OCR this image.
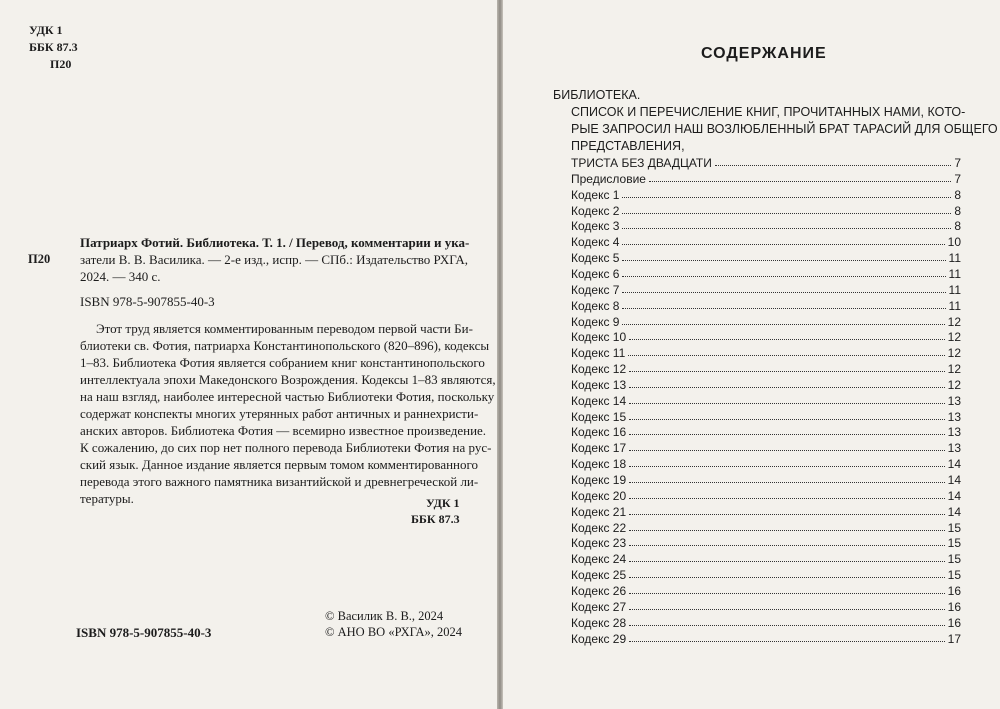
УДК 1
ББК 87.3
П20
П20
Патриарх Фотий. Библиотека. Т. 1. / Перевод, комментарии и ука-
затели В. В. Василика. — 2-е изд., испр. — СПб.: Издательство РХГА,
2024. — 340 с.
ISBN 978-5-907855-40-3
Этот труд является комментированным переводом первой части Би-
блиотеки св. Фотия, патриарха Константинопольского (820–896), кодексы
1–83. Библиотека Фотия является собранием книг константинопольского
интеллектуала эпохи Македонского Возрождения. Кодексы 1–83 являются,
на наш взгляд, наиболее интересной частью Библиотеки Фотия, поскольку
содержат конспекты многих утерянных работ античных и раннехристи-
анских авторов. Библиотека Фотия — всемирно известное произведение.
К сожалению, до сих пор нет полного перевода Библиотеки Фотия на рус-
ский язык. Данное издание является первым томом комментированного
перевода этого важного памятника византийской и древнегреческой ли-
тературы.	УДК 1
ББК 87.3
ISBN 978-5-907855-40-3
© Василик В. В., 2024
© АНО ВО «РХГА», 2024
СОДЕРЖАНИЕ
БИБЛИОТЕКА.
СПИСОК И ПЕРЕЧИСЛЕНИЕ КНИГ, ПРОЧИТАННЫХ НАМИ, КОТО-
РЫЕ ЗАПРОСИЛ НАШ ВОЗЛЮБЛЕННЫЙ БРАТ ТАРАСИЙ ДЛЯ ОБЩЕГО
ПРЕДСТАВЛЕНИЯ,
ТРИСТА БЕЗ ДВАДЦАТИ	7
Предисловие	7
Кодекс 1	8
Кодекс 2	8
Кодекс 3	8
Кодекс 4	10
Кодекс 5	11
Кодекс 6	11
Кодекс 7	11
Кодекс 8	11
Кодекс 9	12
Кодекс 10	12
Кодекс 11	12
Кодекс 12	12
Кодекс 13	12
Кодекс 14	13
Кодекс 15	13
Кодекс 16	13
Кодекс 17	13
Кодекс 18	14
Кодекс 19	14
Кодекс 20	14
Кодекс 21	14
Кодекс 22	15
Кодекс 23	15
Кодекс 24	15
Кодекс 25	15
Кодекс 26	16
Кодекс 27	16
Кодекс 28	16
Кодекс 29	17
